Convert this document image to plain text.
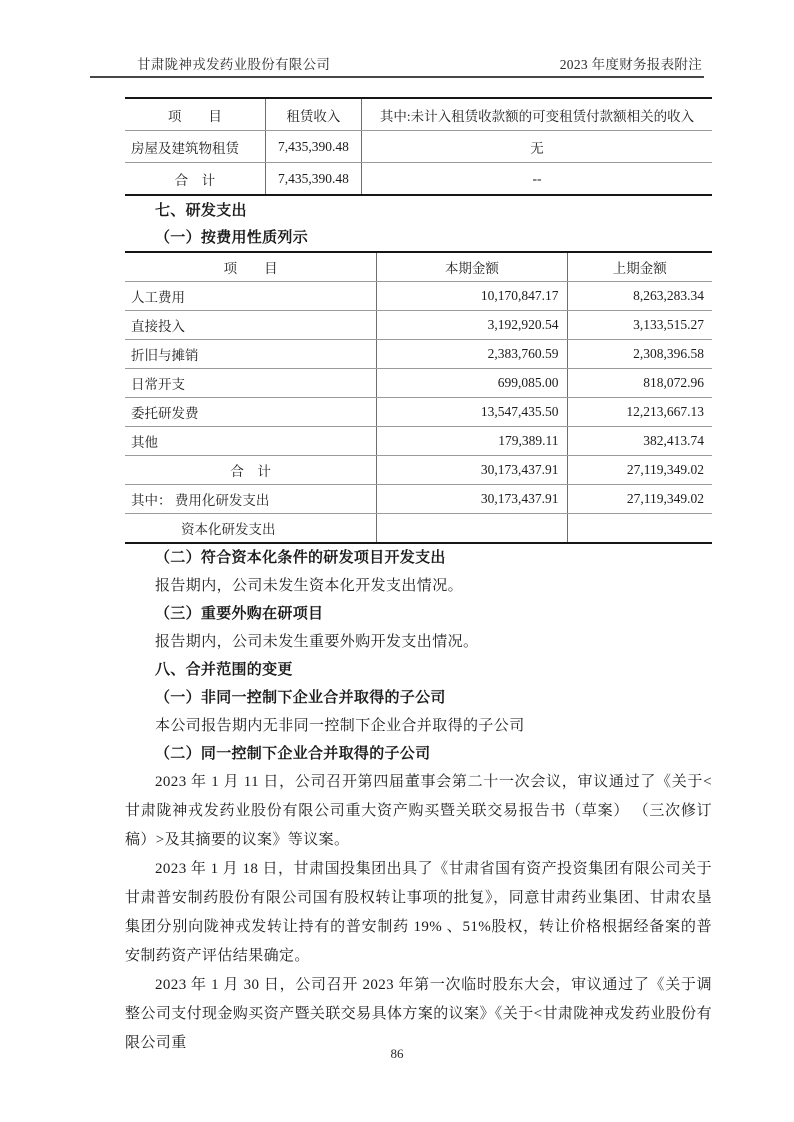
甘肃陇神戎发药业股份有限公司	2023 年度财务报表附注
项　　目	租赁收入	其中:未计入租赁收款额的可变租赁付款额相关的收入
房屋及建筑物租赁	7,435,390.48	无
合　计	7,435,390.48	--

七、研发支出

（一）按费用性质列示

项　　目	本期金额	上期金额
人工费用	10,170,847.17	8,263,283.34
直接投入	3,192,920.54	3,133,515.27
折旧与摊销	2,383,760.59	2,308,396.58
日常开支	699,085.00	818,072.96
委托研发费	13,547,435.50	12,213,667.13
其他	179,389.11	382,413.74
合　计	30,173,437.91	27,119,349.02
其中： 费用化研发支出	30,173,437.91	27,119,349.02
资本化研发支出		

（二）符合资本化条件的研发项目开发支出

报告期内，公司未发生资本化开发支出情况。

（三）重要外购在研项目

报告期内，公司未发生重要外购开发支出情况。

八、合并范围的变更

（一）非同一控制下企业合并取得的子公司

本公司报告期内无非同一控制下企业合并取得的子公司

（二）同一控制下企业合并取得的子公司

2023 年 1 月 11 日，公司召开第四届董事会第二十一次会议，审议通过了《关于<甘肃陇神戎发药业股份有限公司重大资产购买暨关联交易报告书（草案） （三次修订稿）>及其摘要的议案》等议案。

2023 年 1 月 18 日，甘肃国投集团出具了《甘肃省国有资产投资集团有限公司关于甘肃普安制药股份有限公司国有股权转让事项的批复》，同意甘肃药业集团、甘肃农垦集团分别向陇神戎发转让持有的普安制药 19% 、51%股权，转让价格根据经备案的普安制药资产评估结果确定。

2023 年 1 月 30 日，公司召开 2023 年第一次临时股东大会，审议通过了《关于调整公司支付现金购买资产暨关联交易具体方案的议案》《关于<甘肃陇神戎发药业股份有限公司重

86
